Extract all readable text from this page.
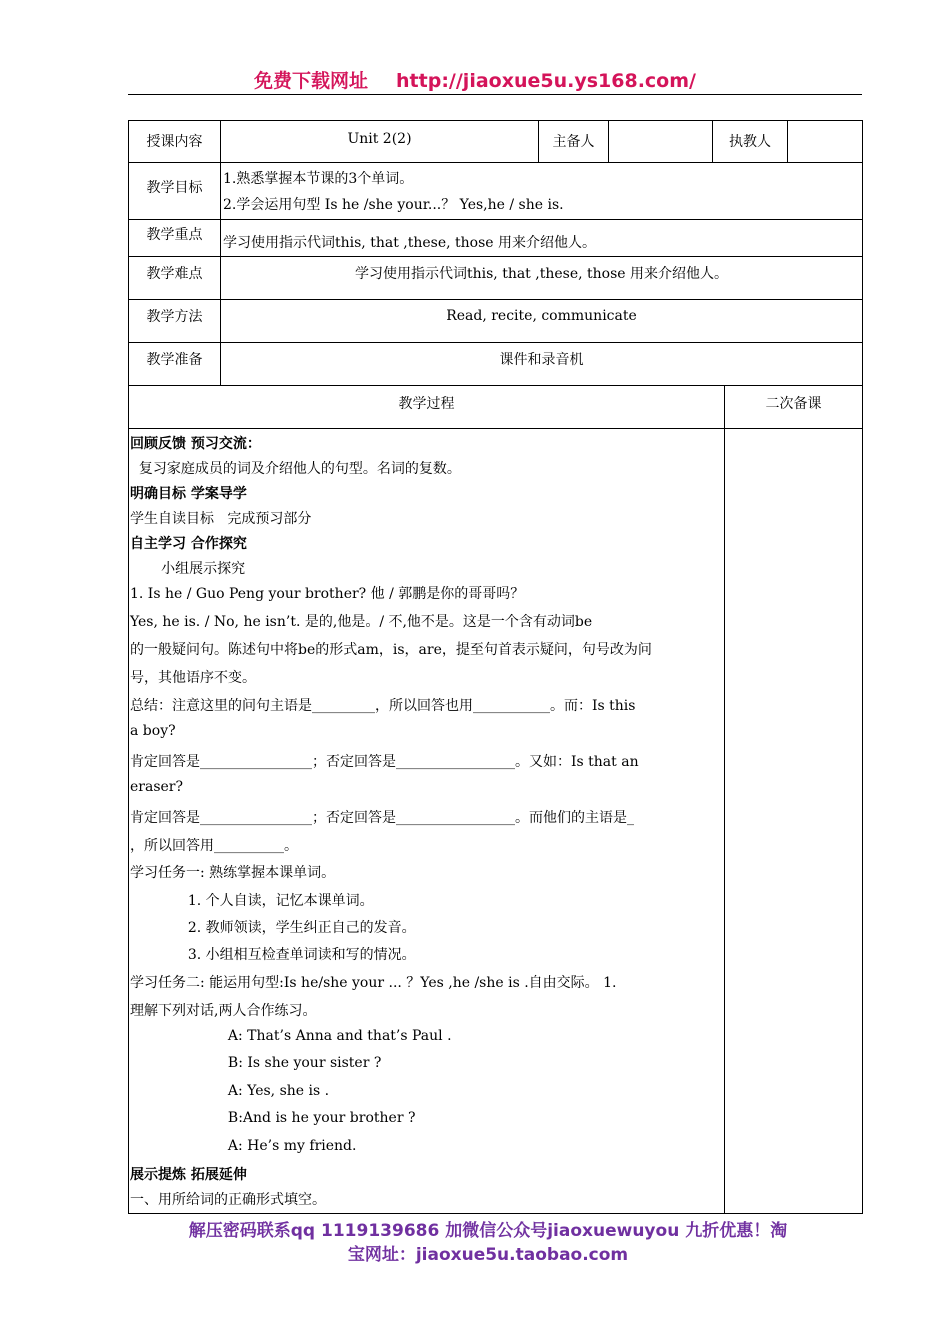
免费下载网址 http://jiaoxue5u.ys168.com/
授课内容	Unit 2(2)	主备人	执教人
教学目标
1.熟悉掌握本节课的3个单词。
2.学会运用句型 Is he /she your...？ Yes,he / she is.
教学重点 学习使用指示代词this, that ,these, those 用来介绍他人。
教学难点	学习使用指示代词this, that ,these, those 用来介绍他人。
教学方法	Read, recite, communicate
教学准备	课件和录音机
教学过程	二次备课
回顾反馈 预习交流：
复习家庭成员的词及介绍他人的句型。名词的复数。
明确目标 学案导学
学生自读目标   完成预习部分
自主学习 合作探究
小组展示探究
1. Is he / Guo Peng your brother? 他 / 郭鹏是你的哥哥吗？
Yes, he is. / No, he isn’t. 是的,他是。/ 不,他不是。这是一个含有动词be
的一般疑问句。陈述句中将be的形式am，is，are，提至句首表示疑问，句号改为问
号，其他语序不变。
总结：注意这里的问句主语是_________，所以回答也用___________。而：Is this
a boy?
肯定回答是________________；否定回答是_________________。又如：Is that an
eraser?
肯定回答是________________；否定回答是_________________。而他们的主语是_
，所以回答用__________。
学习任务一: 熟练掌握本课单词。
1. 个人自读，记忆本课单词。
2. 教师领读，学生纠正自己的发音。
3. 小组相互检查单词读和写的情况。
学习任务二: 能运用句型:Is he/she your ... ？Yes ,he /she is .自由交际。 1.
理解下列对话,两人合作练习。
A: That’s Anna and that’s Paul .
B: Is she your sister ?
A: Yes, she is .
B:And is he your brother ?
A: He’s my friend.
展示提炼 拓展延伸
一、用所给词的正确形式填空。
解压密码联系qq 1119139686 加微信公众号jiaoxuewuyou 九折优惠！淘
宝网址：jiaoxue5u.taobao.com
